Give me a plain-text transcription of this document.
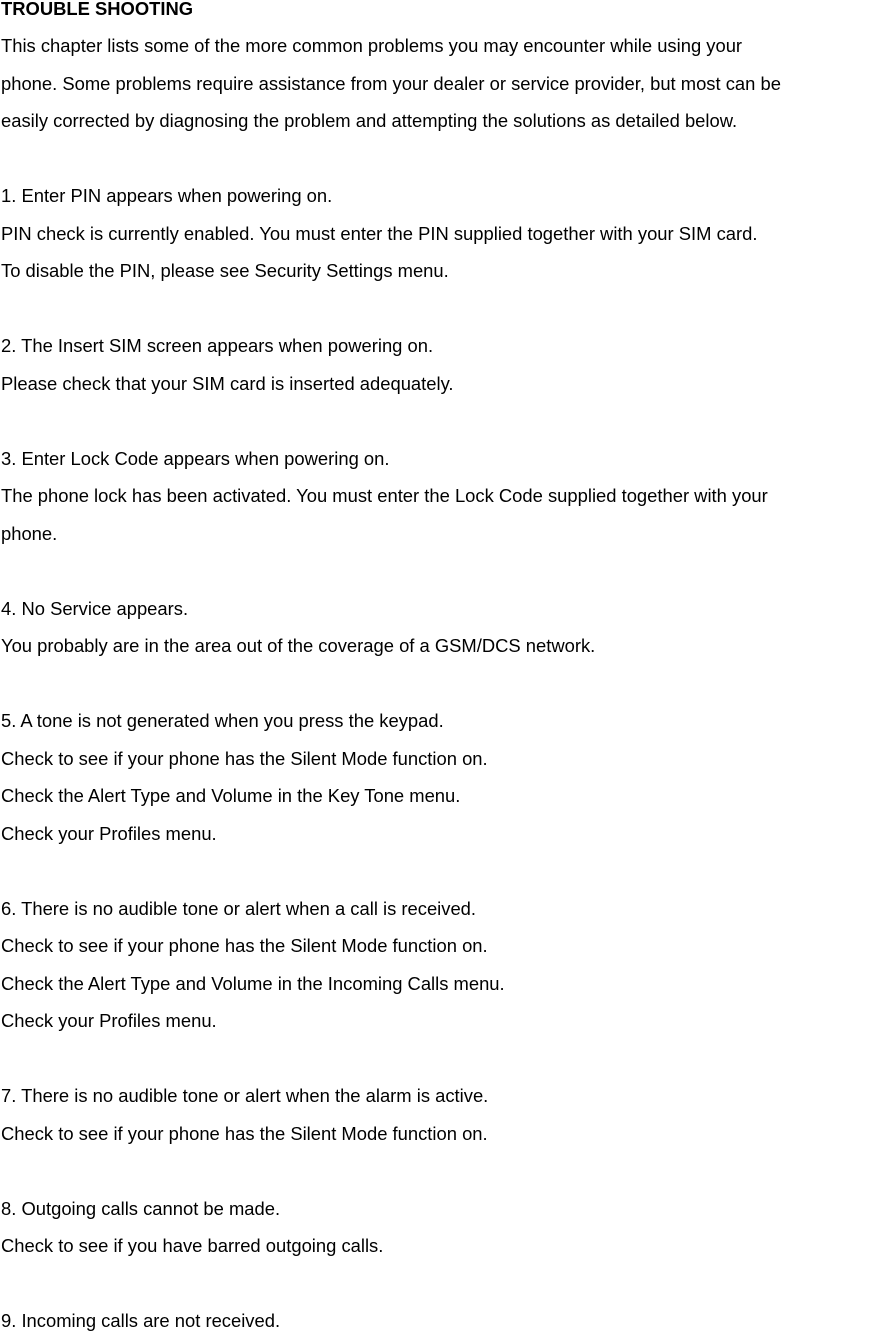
TROUBLE SHOOTING
This chapter lists some of the more common problems you may encounter while using your
phone. Some problems require assistance from your dealer or service provider, but most can be
easily corrected by diagnosing the problem and attempting the solutions as detailed below.
1. Enter PIN appears when powering on.
PIN check is currently enabled. You must enter the PIN supplied together with your SIM card.
To disable the PIN, please see Security Settings menu.
2. The Insert SIM screen appears when powering on.
Please check that your SIM card is inserted adequately.
3. Enter Lock Code appears when powering on.
The phone lock has been activated. You must enter the Lock Code supplied together with your
phone.
4. No Service appears.
You probably are in the area out of the coverage of a GSM/DCS network.
5. A tone is not generated when you press the keypad.
Check to see if your phone has the Silent Mode function on.
Check the Alert Type and Volume in the Key Tone menu.
Check your Profiles menu.
6. There is no audible tone or alert when a call is received.
Check to see if your phone has the Silent Mode function on.
Check the Alert Type and Volume in the Incoming Calls menu.
Check your Profiles menu.
7. There is no audible tone or alert when the alarm is active.
Check to see if your phone has the Silent Mode function on.
8. Outgoing calls cannot be made.
Check to see if you have barred outgoing calls.
9. Incoming calls are not received.
